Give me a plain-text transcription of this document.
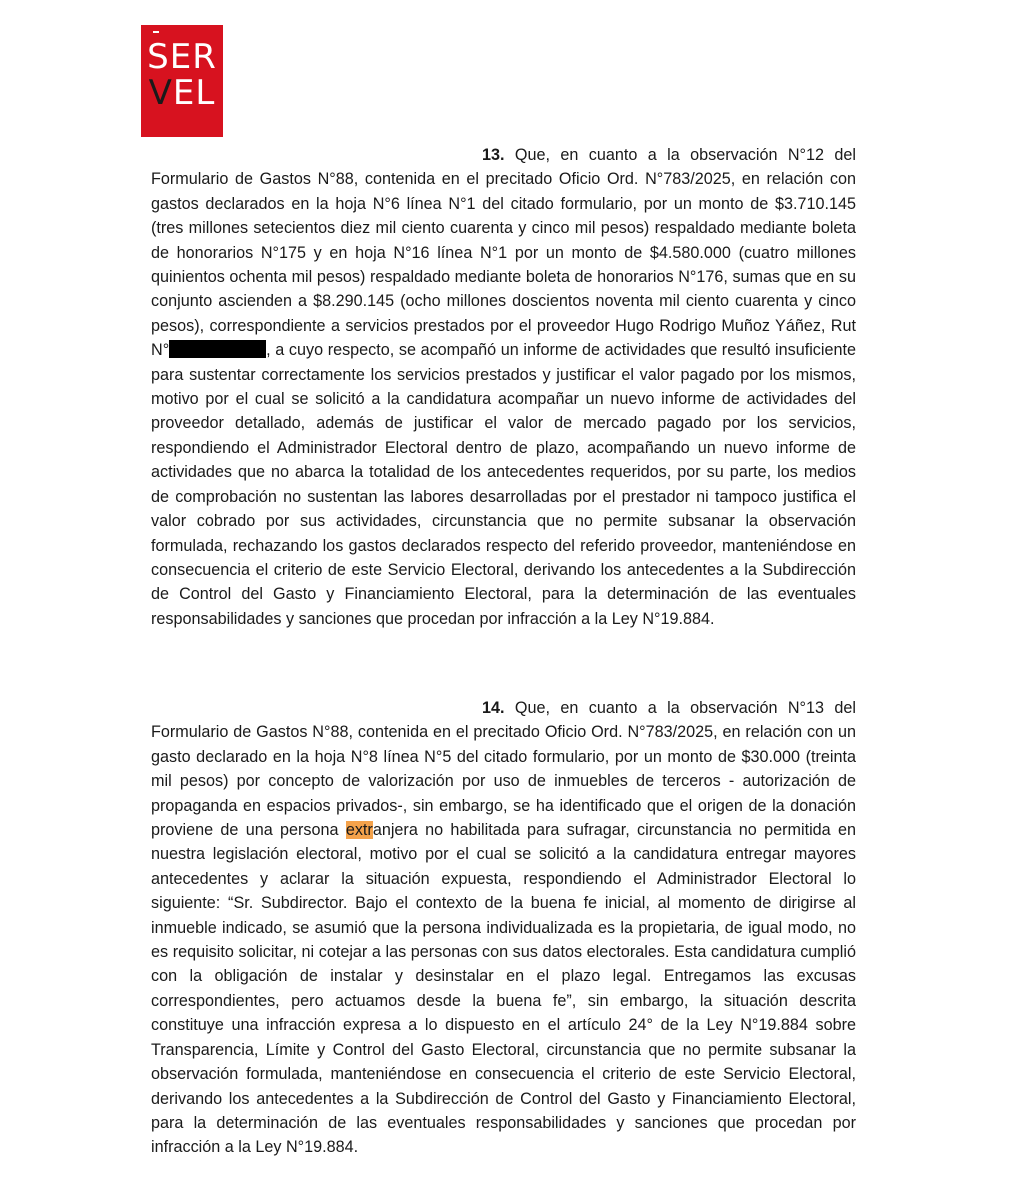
SER
VEL

13. Que, en cuanto a la observación N°12 del Formulario de Gastos N°88, contenida en el precitado Oficio Ord. N°783/2025, en relación con gastos declarados en la hoja N°6 línea N°1 del citado formulario, por un monto de $3.710.145 (tres millones setecientos diez mil ciento cuarenta y cinco mil pesos) respaldado mediante boleta de honorarios N°175 y en hoja N°16 línea N°1 por un monto de $4.580.000 (cuatro millones quinientos ochenta mil pesos) respaldado mediante boleta de honorarios N°176, sumas que en su conjunto ascienden a $8.290.145 (ocho millones doscientos noventa mil ciento cuarenta y cinco pesos), correspondiente a servicios prestados por el proveedor Hugo Rodrigo Muñoz Yáñez, Rut N°	, a cuyo respecto, se acompañó un informe de actividades que resultó insuficiente para sustentar correctamente los servicios prestados y justificar el valor pagado por los mismos, motivo por el cual se solicitó a la candidatura acompañar un nuevo informe de actividades del proveedor detallado, además de justificar el valor de mercado pagado por los servicios, respondiendo el Administrador Electoral dentro de plazo, acompañando un nuevo informe de actividades que no abarca la totalidad de los antecedentes requeridos, por su parte, los medios de comprobación no sustentan las labores desarrolladas por el prestador ni tampoco justifica el valor cobrado por sus actividades, circunstancia que no permite subsanar la observación formulada, rechazando los gastos declarados respecto del referido proveedor, manteniéndose en consecuencia el criterio de este Servicio Electoral, derivando los antecedentes a la Subdirección de Control del Gasto y Financiamiento Electoral, para la determinación de las eventuales responsabilidades y sanciones que procedan por infracción a la Ley N°19.884.

14. Que, en cuanto a la observación N°13 del Formulario de Gastos N°88, contenida en el precitado Oficio Ord. N°783/2025, en relación con un gasto declarado en la hoja N°8 línea N°5 del citado formulario, por un monto de $30.000 (treinta mil pesos) por concepto de valorización por uso de inmuebles de terceros - autorización de propaganda en espacios privados-, sin embargo, se ha identificado que el origen de la donación proviene de una persona extranjera no habilitada para sufragar, circunstancia no permitida en nuestra legislación electoral, motivo por el cual se solicitó a la candidatura entregar mayores antecedentes y aclarar la situación expuesta, respondiendo el Administrador Electoral lo siguiente: “Sr. Subdirector. Bajo el contexto de la buena fe inicial, al momento de dirigirse al inmueble indicado, se asumió que la persona individualizada es la propietaria, de igual modo, no es requisito solicitar, ni cotejar a las personas con sus datos electorales. Esta candidatura cumplió con la obligación de instalar y desinstalar en el plazo legal. Entregamos las excusas correspondientes, pero actuamos desde la buena fe”, sin embargo, la situación descrita constituye una infracción expresa a lo dispuesto en el artículo 24° de la Ley N°19.884 sobre Transparencia, Límite y Control del Gasto Electoral, circunstancia que no permite subsanar la observación formulada, manteniéndose en consecuencia el criterio de este Servicio Electoral, derivando los antecedentes a la Subdirección de Control del Gasto y Financiamiento Electoral, para la determinación de las eventuales responsabilidades y sanciones que procedan por infracción a la Ley N°19.884.
